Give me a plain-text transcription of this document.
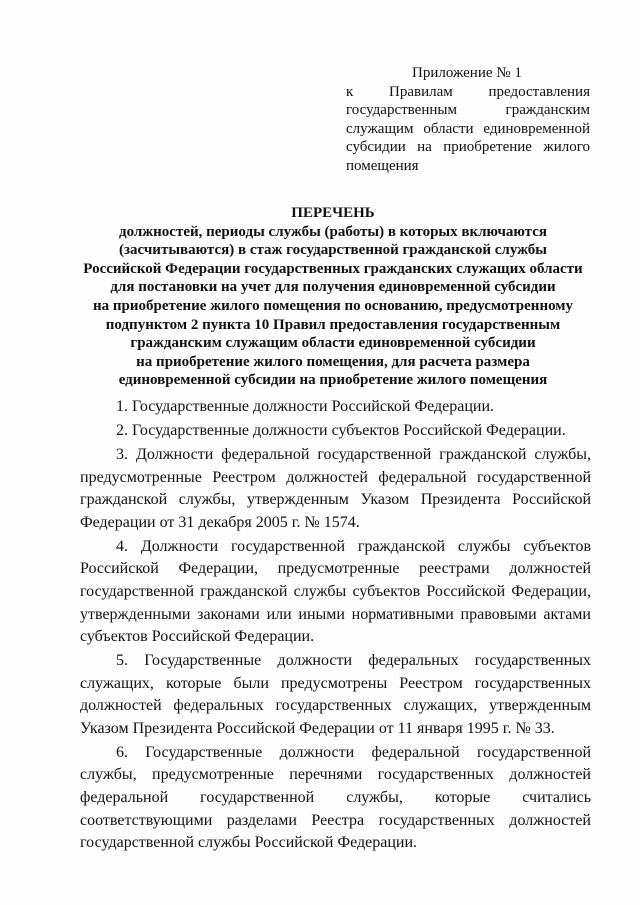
Приложение № 1
к Правилам предоставления государственным гражданским служащим области единовременной субсидии на приобретение жилого помещения
ПЕРЕЧЕНЬ
должностей, периоды службы (работы) в которых включаются
(засчитываются) в стаж государственной гражданской службы
Российской Федерации государственных гражданских служащих области
для постановки на учет для получения единовременной субсидии
на приобретение жилого помещения по основанию, предусмотренному
подпунктом 2 пункта 10 Правил предоставления государственным
гражданским служащим области единовременной субсидии
на приобретение жилого помещения, для расчета размера
единовременной субсидии на приобретение жилого помещения

1. Государственные должности Российской Федерации.

2. Государственные должности субъектов Российской Федерации.

3. Должности федеральной государственной гражданской службы, предусмотренные Реестром должностей федеральной государственной гражданской службы, утвержденным Указом Президента Российской Федерации от 31 декабря 2005 г. № 1574.

4. Должности государственной гражданской службы субъектов Российской Федерации, предусмотренные реестрами должностей государственной гражданской службы субъектов Российской Федерации, утвержденными законами или иными нормативными правовыми актами субъектов Российской Федерации.

5. Государственные должности федеральных государственных служащих, которые были предусмотрены Реестром государственных должностей федеральных государственных служащих, утвержденным Указом Президента Российской Федерации от 11 января 1995 г. № 33.

6. Государственные должности федеральной государственной службы, предусмотренные перечнями государственных должностей федеральной государственной службы, которые считались соответствующими разделами Реестра государственных должностей государственной службы Российской Федерации.
